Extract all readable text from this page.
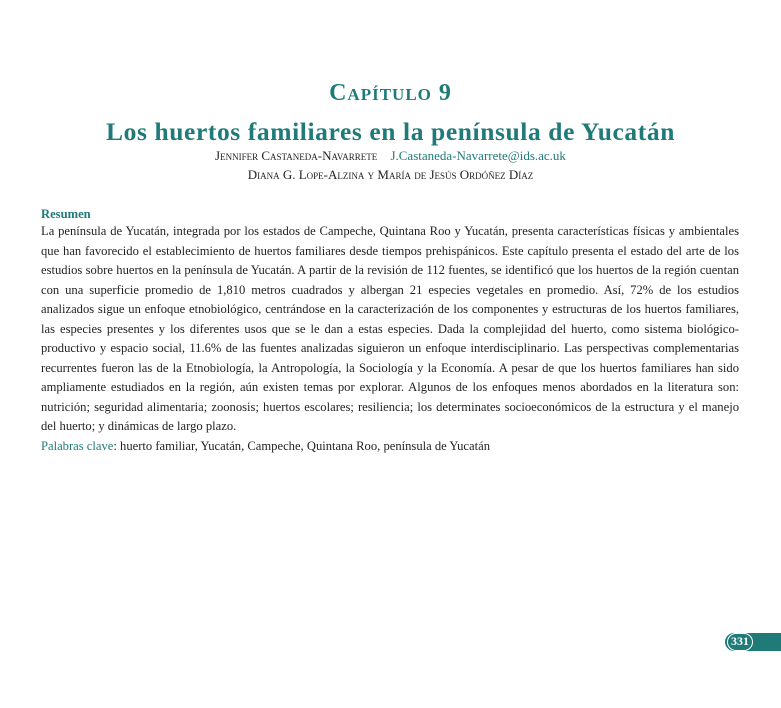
Capítulo 9
Los huertos familiares en la península de Yucatán
Jennifer Castaneda-Navarrete J.Castaneda-Navarrete@ids.ac.uk
Diana G. Lope-Alzina y María de Jesús Ordóñez Díaz
Resumen

La península de Yucatán, integrada por los estados de Campeche, Quintana Roo y Yucatán, presenta características físicas y ambientales que han favorecido el establecimiento de huertos familiares desde tiempos prehispánicos. Este capítulo presenta el estado del arte de los estudios sobre huertos en la península de Yucatán. A partir de la revisión de 112 fuentes, se identificó que los huertos de la región cuentan con una superficie promedio de 1,810 metros cuadrados y albergan 21 especies vegetales en promedio. Así, 72% de los estudios analizados sigue un enfoque etnobiológico, centrándose en la caracterización de los componentes y estructuras de los huertos familiares, las especies presentes y los diferentes usos que se le dan a estas especies. Dada la complejidad del huerto, como sistema biológico-productivo y espacio social, 11.6% de las fuentes analizadas siguieron un enfoque interdisciplinario. Las perspectivas complementarias recurrentes fueron las de la Etnobiología, la Antropología, la Sociología y la Economía. A pesar de que los huertos familiares han sido ampliamente estudiados en la región, aún existen temas por explorar. Algunos de los enfoques menos abordados en la literatura son: nutrición; seguridad alimentaria; zoonosis; huertos escolares; resiliencia; los determinates socioeconómicos de la estructura y el manejo del huerto; y dinámicas de largo plazo.

Palabras clave: huerto familiar, Yucatán, Campeche, Quintana Roo, península de Yucatán

331
